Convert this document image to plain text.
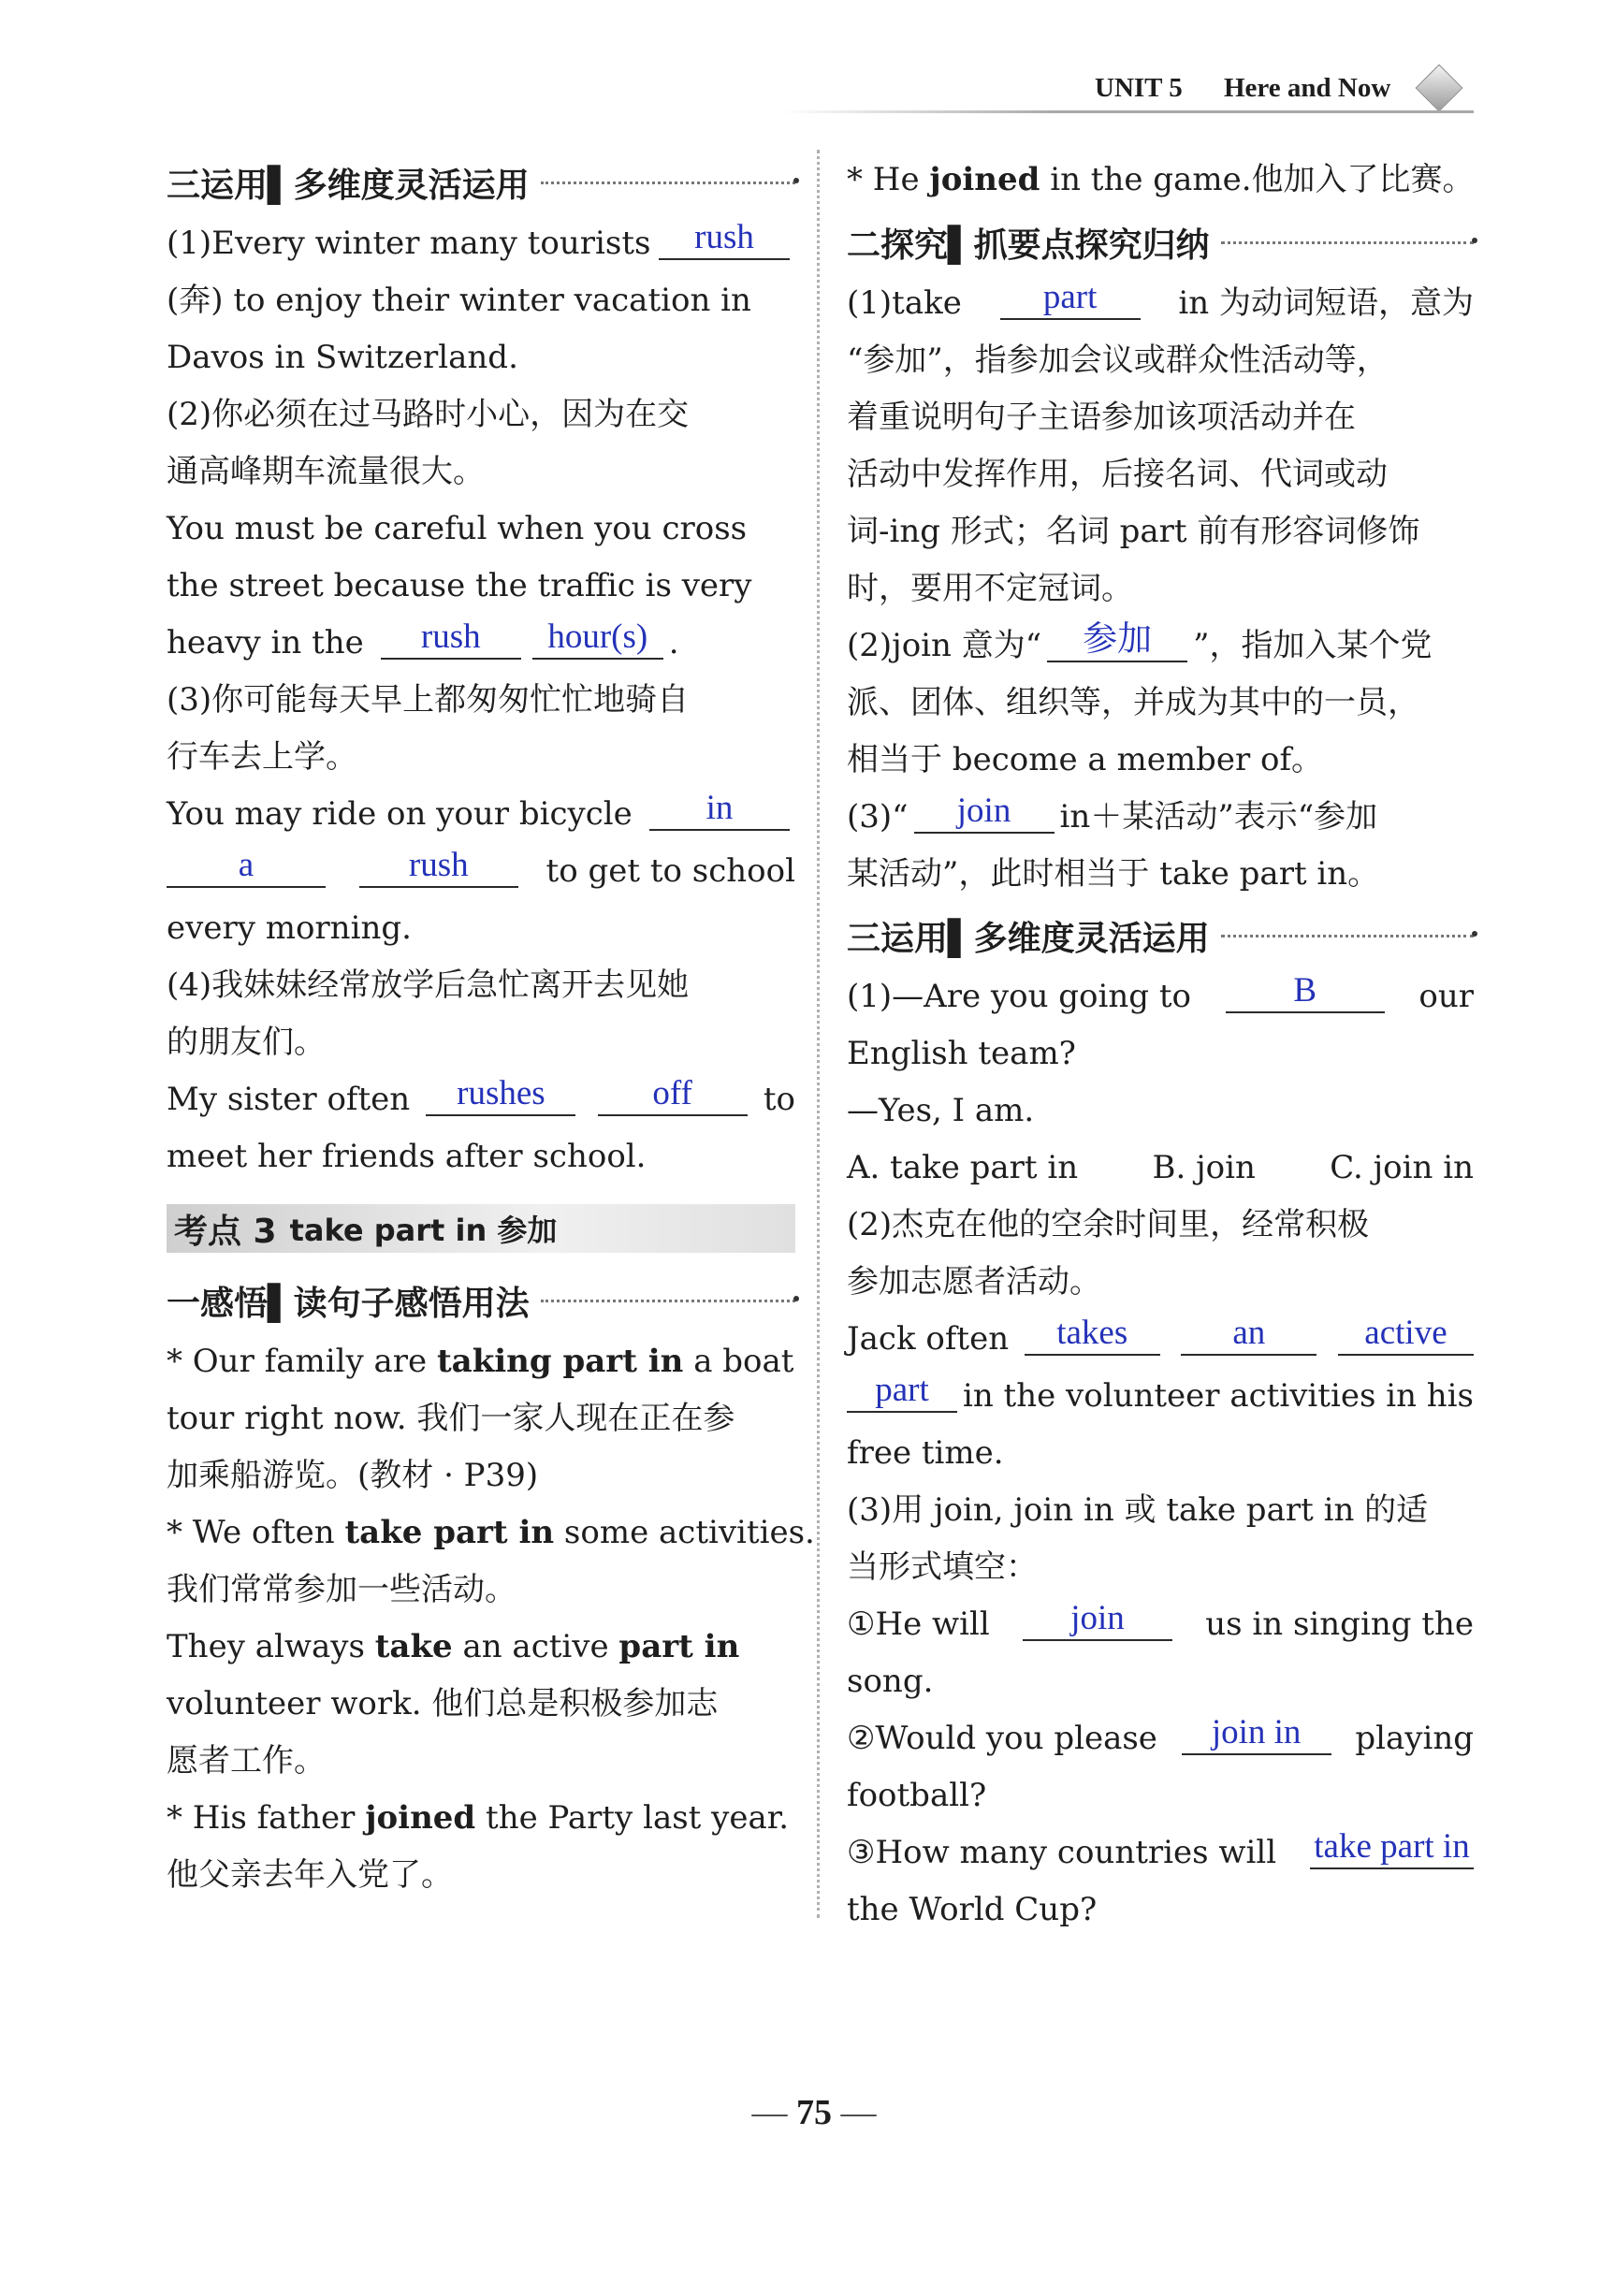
UNIT 5 Here and Now
三运用▌多维度灵活运用
(1)Every winter many tourists	rush
(奔) to enjoy their winter vacation in
Davos in Switzerland.
(2)你必须在过马路时小心，因为在交
通高峰期车流量很大。
You must be careful when you cross
the street because the traffic is very
heavy in the	rush	hour(s) .
(3)你可能每天早上都匆匆忙忙地骑自
行车去上学。
You may ride on your bicycle	in
a	rush	to get to school
every morning.
(4)我妹妹经常放学后急忙离开去见她
的朋友们。
My sister often	rushes	off	to
meet her friends after school.
考点 3 take part in 参加
一感悟▌读句子感悟用法
* Our family are taking part in a boat
tour right now. 我们一家人现在正在参
加乘船游览。(教材 · P39)
* We often take part in some activities.
我们常常参加一些活动。
They always take an active part in
volunteer work. 他们总是积极参加志
愿者工作。
* His father joined the Party last year.
他父亲去年入党了。
* He joined in the game.他加入了比赛。
二探究▌抓要点探究归纳
(1)take	part	in 为动词短语，意为
“参加”，指参加会议或群众性活动等，
着重说明句子主语参加该项活动并在
活动中发挥作用，后接名词、代词或动
词-ing 形式；名词 part 前有形容词修饰
时，要用不定冠词。
(2)join 意为“	参加	”，指加入某个党
派、团体、组织等，并成为其中的一员，
相当于 become a member of。
(3)“	join	in＋某活动”表示“参加
某活动”，此时相当于 take part in。
三运用▌多维度灵活运用
(1)—Are you going to	B	our
English team?
—Yes, I am.
A. take part in B. join C. join in
(2)杰克在他的空余时间里，经常积极
参加志愿者活动。
Jack often	takes	an	active
part	in the volunteer activities in his
free time.
(3)用 join, join in 或 take part in 的适
当形式填空：
①He will	join	us in singing the
song.
②Would you please	join in	playing
football?
③How many countries will take part in
the World Cup?
— 75 —
